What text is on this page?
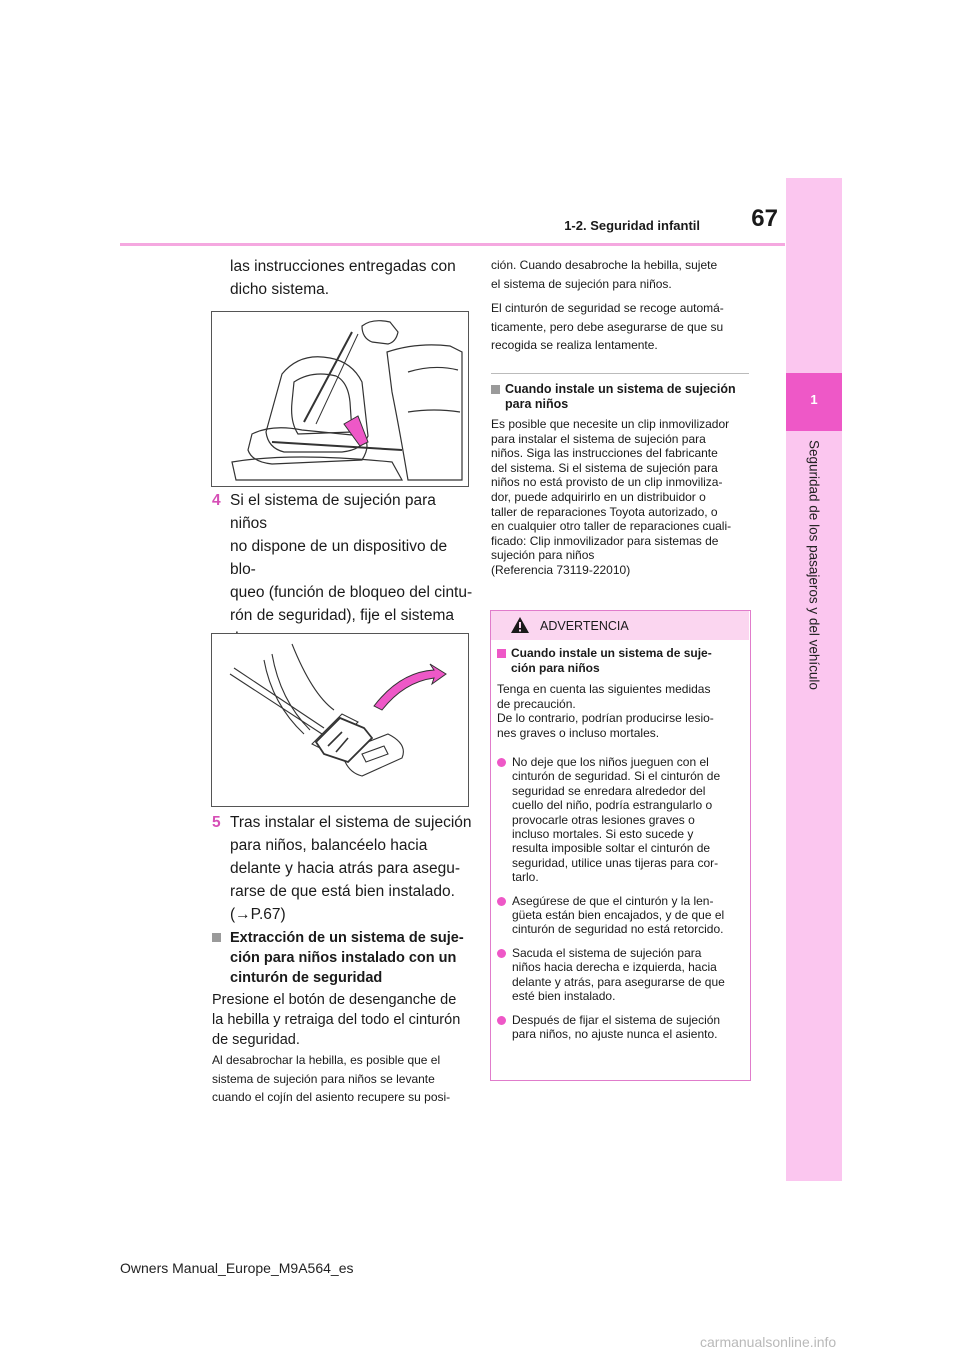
67
1-2. Seguridad infantil
1
Seguridad de los pasajeros y del vehículo
las instrucciones entregadas con
dicho sistema.
4 Si el sistema de sujeción para niños
no dispone de un dispositivo de blo-
queo (función de bloqueo del cintu-
rón de seguridad), fije el sistema
5 Tras instalar el sistema de sujeción
para niños, balancéelo hacia
delante y hacia atrás para asegu-
rarse de que está bien instalado.
(→P.67)
Extracción de un sistema de suje-
ción para niños instalado con un
cinturón de seguridad
Presione el botón de desenganche de
la hebilla y retraiga del todo el cinturón
de seguridad.
Al desabrochar la hebilla, es posible que el
sistema de sujeción para niños se levante
cuando el cojín del asiento recupere su posi-
ción. Cuando desabroche la hebilla, sujete
el sistema de sujeción para niños.
El cinturón de seguridad se recoge automá-
ticamente, pero debe asegurarse de que su
recogida se realiza lentamente.
Cuando instale un sistema de sujeción
para niños
Es posible que necesite un clip inmovilizador
para instalar el sistema de sujeción para
niños. Siga las instrucciones del fabricante
del sistema. Si el sistema de sujeción para
niños no está provisto de un clip inmoviliza-
dor, puede adquirirlo en un distribuidor o
taller de reparaciones Toyota autorizado, o
en cualquier otro taller de reparaciones cuali-
ficado: Clip inmovilizador para sistemas de
sujeción para niños
(Referencia 73119-22010)
ADVERTENCIA
Cuando instale un sistema de suje-
ción para niños
Tenga en cuenta las siguientes medidas
de precaución.
De lo contrario, podrían producirse lesio-
nes graves o incluso mortales.
No deje que los niños jueguen con el
cinturón de seguridad. Si el cinturón de
seguridad se enredara alrededor del
cuello del niño, podría estrangularlo o
provocarle otras lesiones graves o
incluso mortales. Si esto sucede y
resulta imposible soltar el cinturón de
seguridad, utilice unas tijeras para cor-
tarlo.
Asegúrese de que el cinturón y la len-
güeta están bien encajados, y de que el
cinturón de seguridad no está retorcido.
Sacuda el sistema de sujeción para
niños hacia derecha e izquierda, hacia
delante y atrás, para asegurarse de que
esté bien instalado.
Después de fijar el sistema de sujeción
para niños, no ajuste nunca el asiento.
Owners Manual_Europe_M9A564_es
carmanualsonline.info
